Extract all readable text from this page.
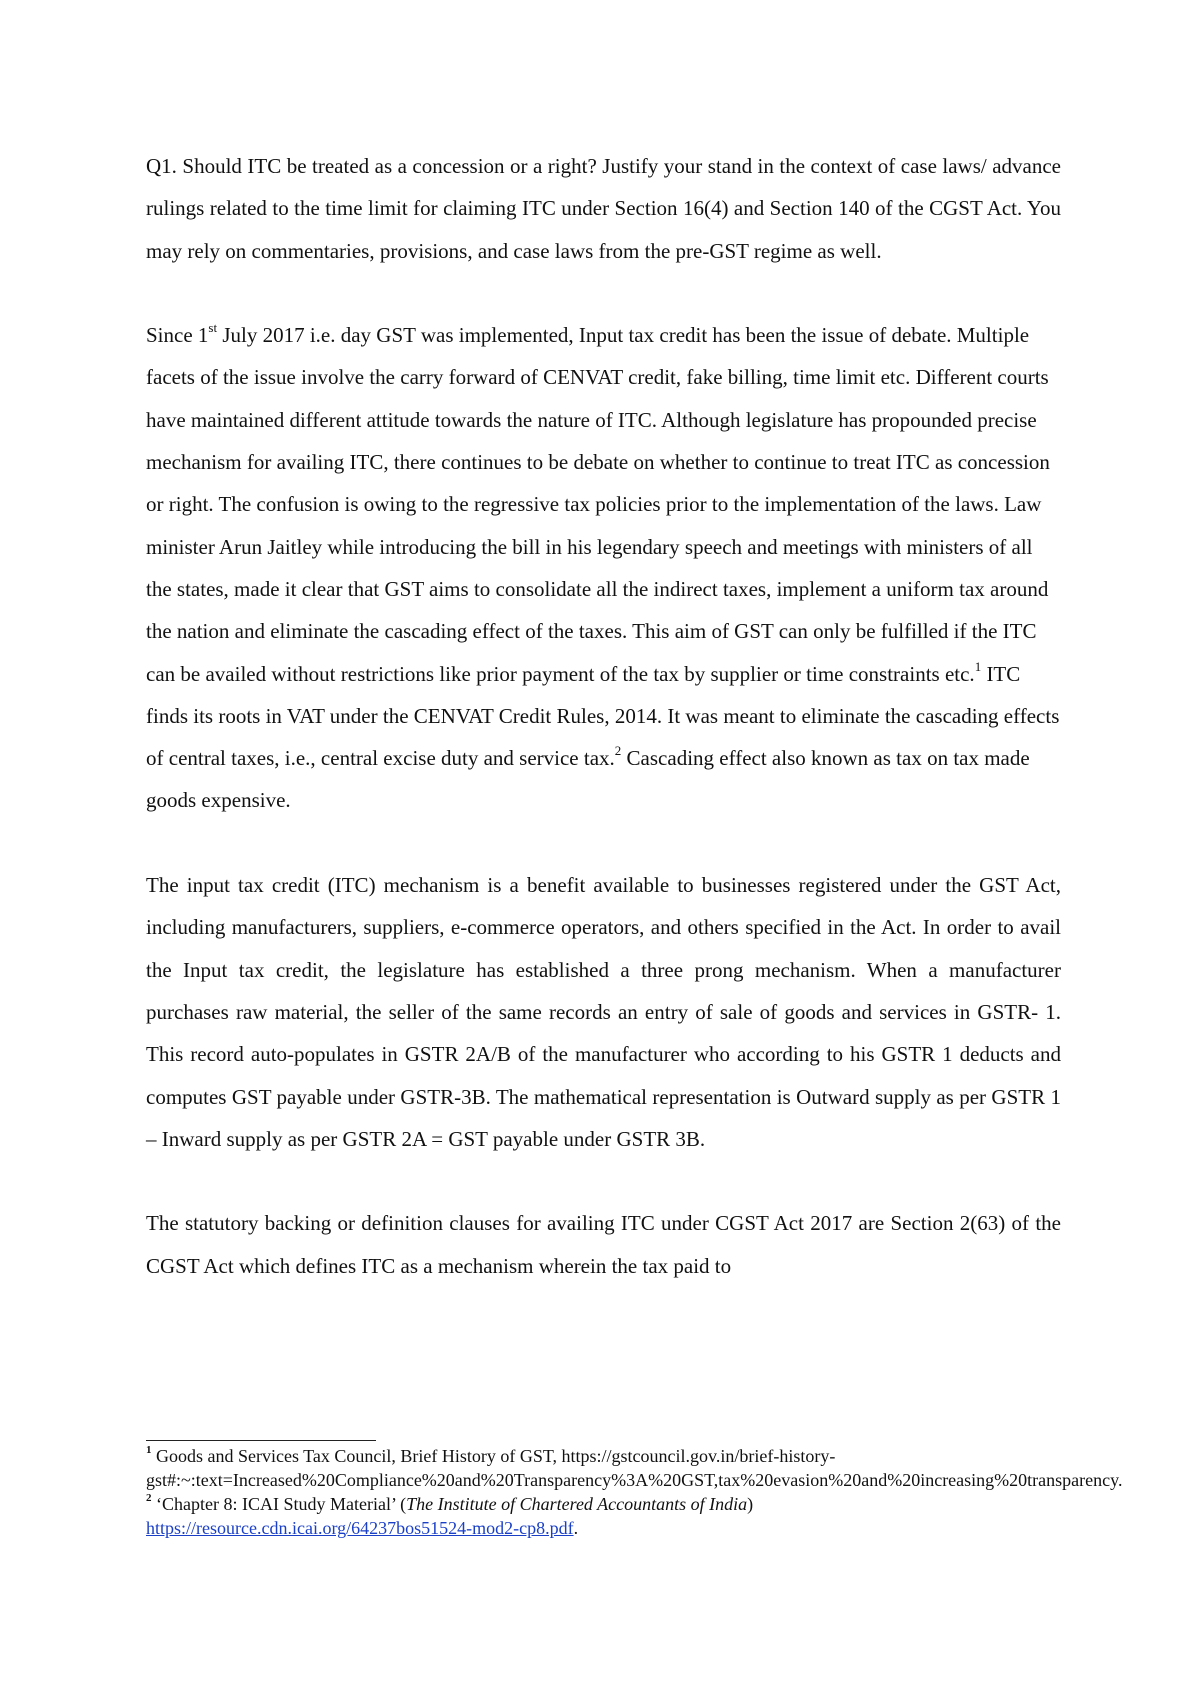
Q1. Should ITC be treated as a concession or a right? Justify your stand in the context of case laws/ advance rulings related to the time limit for claiming ITC under Section 16(4) and Section 140 of the CGST Act. You may rely on commentaries, provisions, and case laws from the pre-GST regime as well.

Since 1st July 2017 i.e. day GST was implemented, Input tax credit has been the issue of debate. Multiple facets of the issue involve the carry forward of CENVAT credit, fake billing, time limit etc. Different courts have maintained different attitude towards the nature of ITC. Although legislature has propounded precise mechanism for availing ITC, there continues to be debate on whether to continue to treat ITC as concession or right. The confusion is owing to the regressive tax policies prior to the implementation of the laws. Law minister Arun Jaitley while introducing the bill in his legendary speech and meetings with ministers of all the states, made it clear that GST aims to consolidate all the indirect taxes, implement a uniform tax around the nation and eliminate the cascading effect of the taxes. This aim of GST can only be fulfilled if the ITC can be availed without restrictions like prior payment of the tax by supplier or time constraints etc.$^1$ ITC finds its roots in VAT under the CENVAT Credit Rules, 2014. It was meant to eliminate the cascading effects of central taxes, i.e., central excise duty and service tax.$^2$ Cascading effect also known as tax on tax made goods expensive.

The input tax credit (ITC) mechanism is a benefit available to businesses registered under the GST Act, including manufacturers, suppliers, e-commerce operators, and others specified in the Act. In order to avail the Input tax credit, the legislature has established a three prong mechanism. When a manufacturer purchases raw material, the seller of the same records an entry of sale of goods and services in GSTR- 1. This record auto-populates in GSTR 2A/B of the manufacturer who according to his GSTR 1 deducts and computes GST payable under GSTR-3B. The mathematical representation is Outward supply as per GSTR 1 – Inward supply as per GSTR 2A = GST payable under GSTR 3B.

The statutory backing or definition clauses for availing ITC under CGST Act 2017 are Section 2(63) of the CGST Act which defines ITC as a mechanism wherein the tax paid to

$^1$ Goods and Services Tax Council, Brief History of GST, https://gstcouncil.gov.in/brief-history-gst#:~:text=Increased%20Compliance%20and%20Transparency%3A%20GST,tax%20evasion%20and%20increasing%20transparency.

$^2$ ‘Chapter 8: ICAI Study Material’ (The Institute of Chartered Accountants of India)
https://resource.cdn.icai.org/64237bos51524-mod2-cp8.pdf.
